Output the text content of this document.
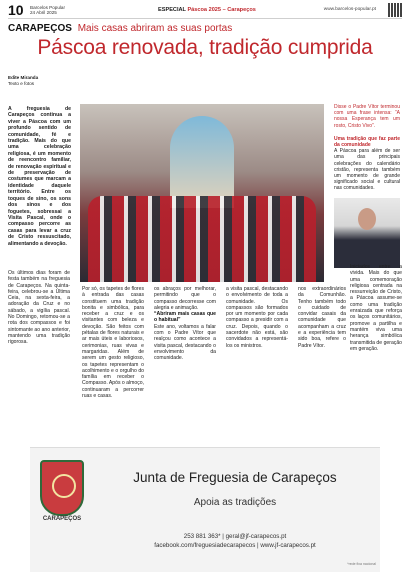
10 Barcelos Popular
24 Abril 2025	ESPECIAL Páscoa 2025 – Carapeços	www.barcelos-popular.pt
CARAPEÇOS Mais casas abriram as suas portas
Páscoa renovada, tradição cumprida
Edite Miranda
Texto e fotos
A freguesia de Carapeços continua a viver a Páscoa com um profundo sentido de comunidade, fé e tradição. Mais do que uma celebração religiosa, é um momento de reencontro familiar, de renovação espiritual e de preservação de costumes que marcam a identidade daquele território. Entre os toques de sino, os sons dos sinos e dos foguetes, sobressai a Visita Pascal, onde o compasso percorre as casas para levar a cruz de Cristo ressuscitado, alimentando a devoção.
Disse o Padre Vítor terminou com uma frase intensa: “A nossa Esperança tem um rosto, Cristo Vivo”.
Uma tradição que faz parte da comunidade
A Páscoa para além de ser uma das principais celebrações do calendário cristão, representa também um momento de grande significado social e cultural nas comunidades.
Os últimos dias foram de festa também na freguesia de Carapeços. Na quinta-feira, celebrou-se a Última Ceia, na sexta-feira, a adoração da Cruz e no sábado, a vigília pascal. No Domingo, retomou-se a rota dos compassos e foi sintomante ao ano anterior, mantendo uma tradição rigorosa.
Por só, os tapetes de flores à entrada das casas constituem uma tradição bonita e simbólica, para receber a cruz e os visitantes com beleza e devoção. São feitos com pétalas de flores naturais e ar mais úteis e laboriosos, cerimonias, ruas vivas e margaridas. Além de serem um gesto religioso, os tapetes representam o acolhimento e o orgulho do família em receber o Compasso. Após o almoço, continuaram a percorrer ruas e casas.
os abraços por melhorar, permitindo que o compasso decorresse com alegria e animação.
“Abriram mais casas que o habitual”
Este ano, voltamos a falar com o Padre Vítor que realçou como acontece a visita pascal, destacando o envolvimento da comunidade.
a visita pascal, destacando o envolvimento de toda a comunidade. Os compassos são formados por um momento por cada compasso a presidir com a cruz. Depois, quando o sacerdote não está, são convidados a representá-los os ministros.
nos extraordinários da Comunhão. Tenho também todo o cuidado de convidar casais da comunidade que acompanham a cruz e a experiência tem sido boa, refere o Padre Vítor.
Iniciados entre a vivida. Mais do que uma comemoração religiosa centrada na ressurreição de Cristo, a Páscoa assume-se como uma tradição enraizada que reforça os laços comunitários, promove a partilha e mantém viva uma herança simbólica transmitida de geração em geração.
CARAPEÇOS
Junta de Freguesia de Carapeços
Apoia as tradições
253 881 363* | geral@jf-carapecos.pt
facebook.com/freguesiadecarapecos | www.jf-carapecos.pt
*rede fixa nacional
